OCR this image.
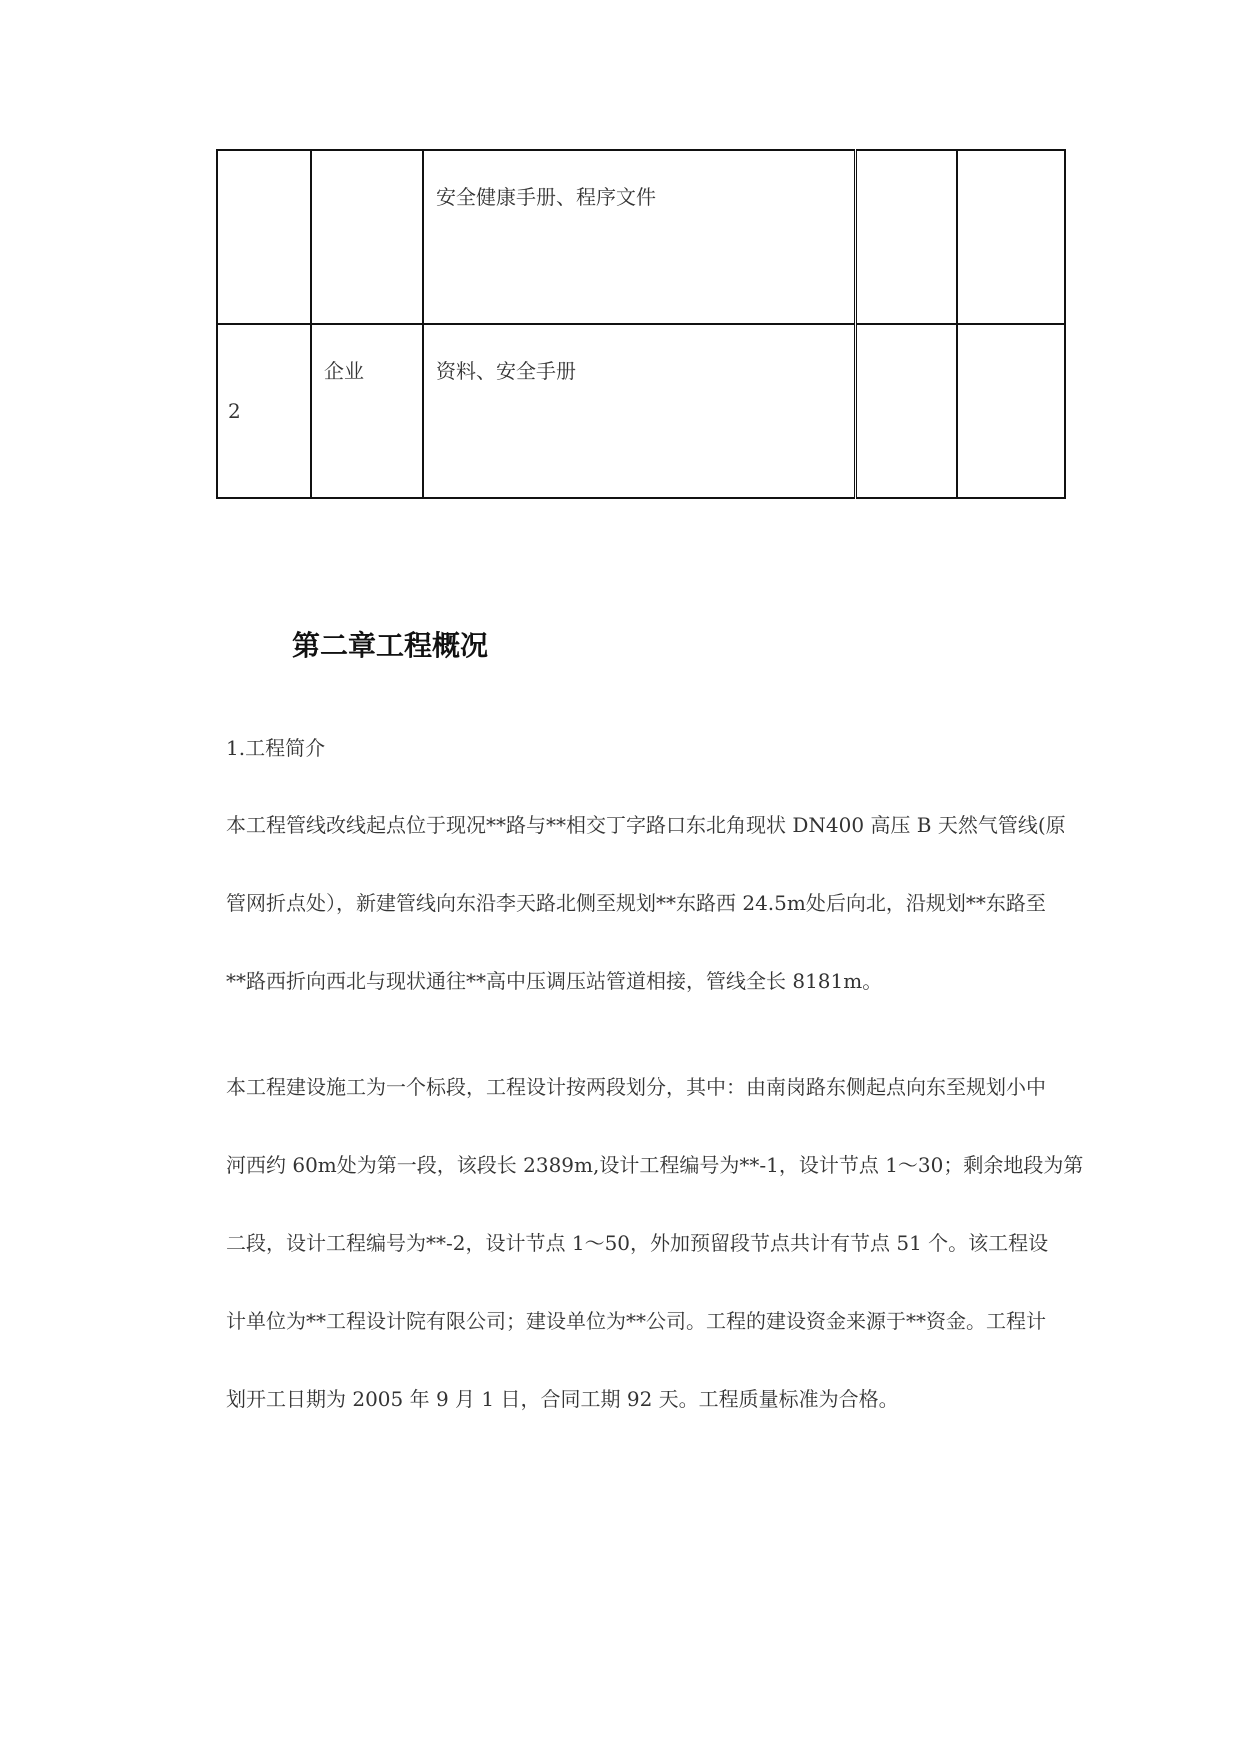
		安全健康手册、程序文件		

2	企业	资料、安全手册		

第二章工程概况

1.工程简介

本工程管线改线起点位于现况**路与**相交丁字路口东北角现状 DN400 高压 B 天然气管线(原
管网折点处），新建管线向东沿李天路北侧至规划**东路西 24.5m处后向北，沿规划**东路至
**路西折向西北与现状通往**高中压调压站管道相接，管线全长 8181m。

本工程建设施工为一个标段，工程设计按两段划分，其中：由南岗路东侧起点向东至规划小中
河西约 60m处为第一段，该段长 2389m,设计工程编号为**-1，设计节点 1～30；剩余地段为第
二段，设计工程编号为**-2，设计节点 1～50，外加预留段节点共计有节点 51 个。该工程设
计单位为**工程设计院有限公司；建设单位为**公司。工程的建设资金来源于**资金。工程计
划开工日期为 2005 年 9 月 1 日，合同工期 92 天。工程质量标准为合格。
